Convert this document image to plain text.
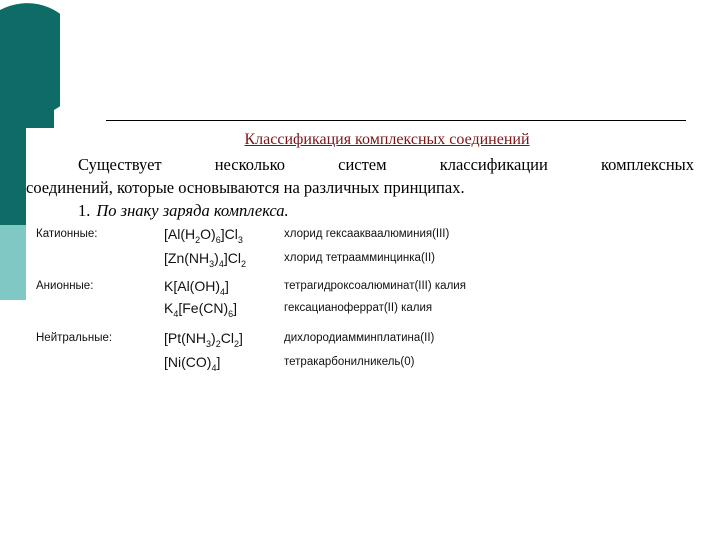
Классификация комплексных соединений
Существует несколько систем классификации комплексных
соединений, которые основываются на различных принципах.
1. По знаку заряда комплекса.
Катионные:	$[Al(H_2O)_6]Cl_3$	хлорид гексаакваалюминия(III)
$[Zn(NH_3)_4]Cl_2$	хлорид тетраамминцинка(II)
Анионные:	$K[Al(OH)_4]$	тетрагидроксоалюминат(III) калия
$K_4[Fe(CN)_6]$	гексацианоферрат(II) калия
Нейтральные:	$[Pt(NH_3)_2Cl_2]$	дихлородиамминплатина(II)
$[Ni(CO)_4]$	тетракарбонилникель(0)
